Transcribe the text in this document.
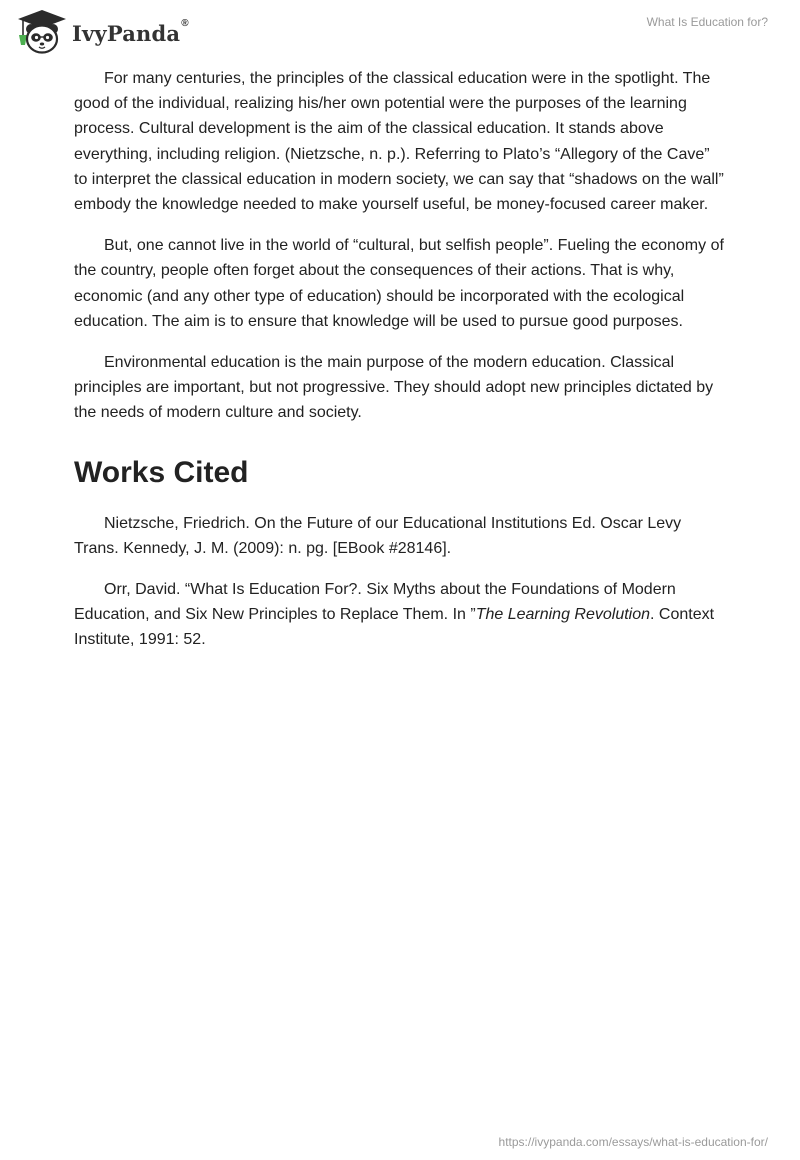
IvyPanda ®	What Is Education for?

For many centuries, the principles of the classical education were in the spotlight. The good of the individual, realizing his/her own potential were the purposes of the learning process. Cultural development is the aim of the classical education. It stands above everything, including religion. (Nietzsche, n. p.). Referring to Plato’s “Allegory of the Cave” to interpret the classical education in modern society, we can say that “shadows on the wall” embody the knowledge needed to make yourself useful, be money-focused career maker.

But, one cannot live in the world of “cultural, but selfish people”. Fueling the economy of the country, people often forget about the consequences of their actions. That is why, economic (and any other type of education) should be incorporated with the ecological education. The aim is to ensure that knowledge will be used to pursue good purposes.

Environmental education is the main purpose of the modern education. Classical principles are important, but not progressive. They should adopt new principles dictated by the needs of modern culture and society.

Works Cited

Nietzsche, Friedrich. On the Future of our Educational Institutions Ed. Oscar Levy Trans. Kennedy, J. M. (2009): n. pg. [EBook #28146].

Orr, David. “What Is Education For?. Six Myths about the Foundations of Modern Education, and Six New Principles to Replace Them. In ”The Learning Revolution. Context Institute, 1991: 52.

https://ivypanda.com/essays/what-is-education-for/
